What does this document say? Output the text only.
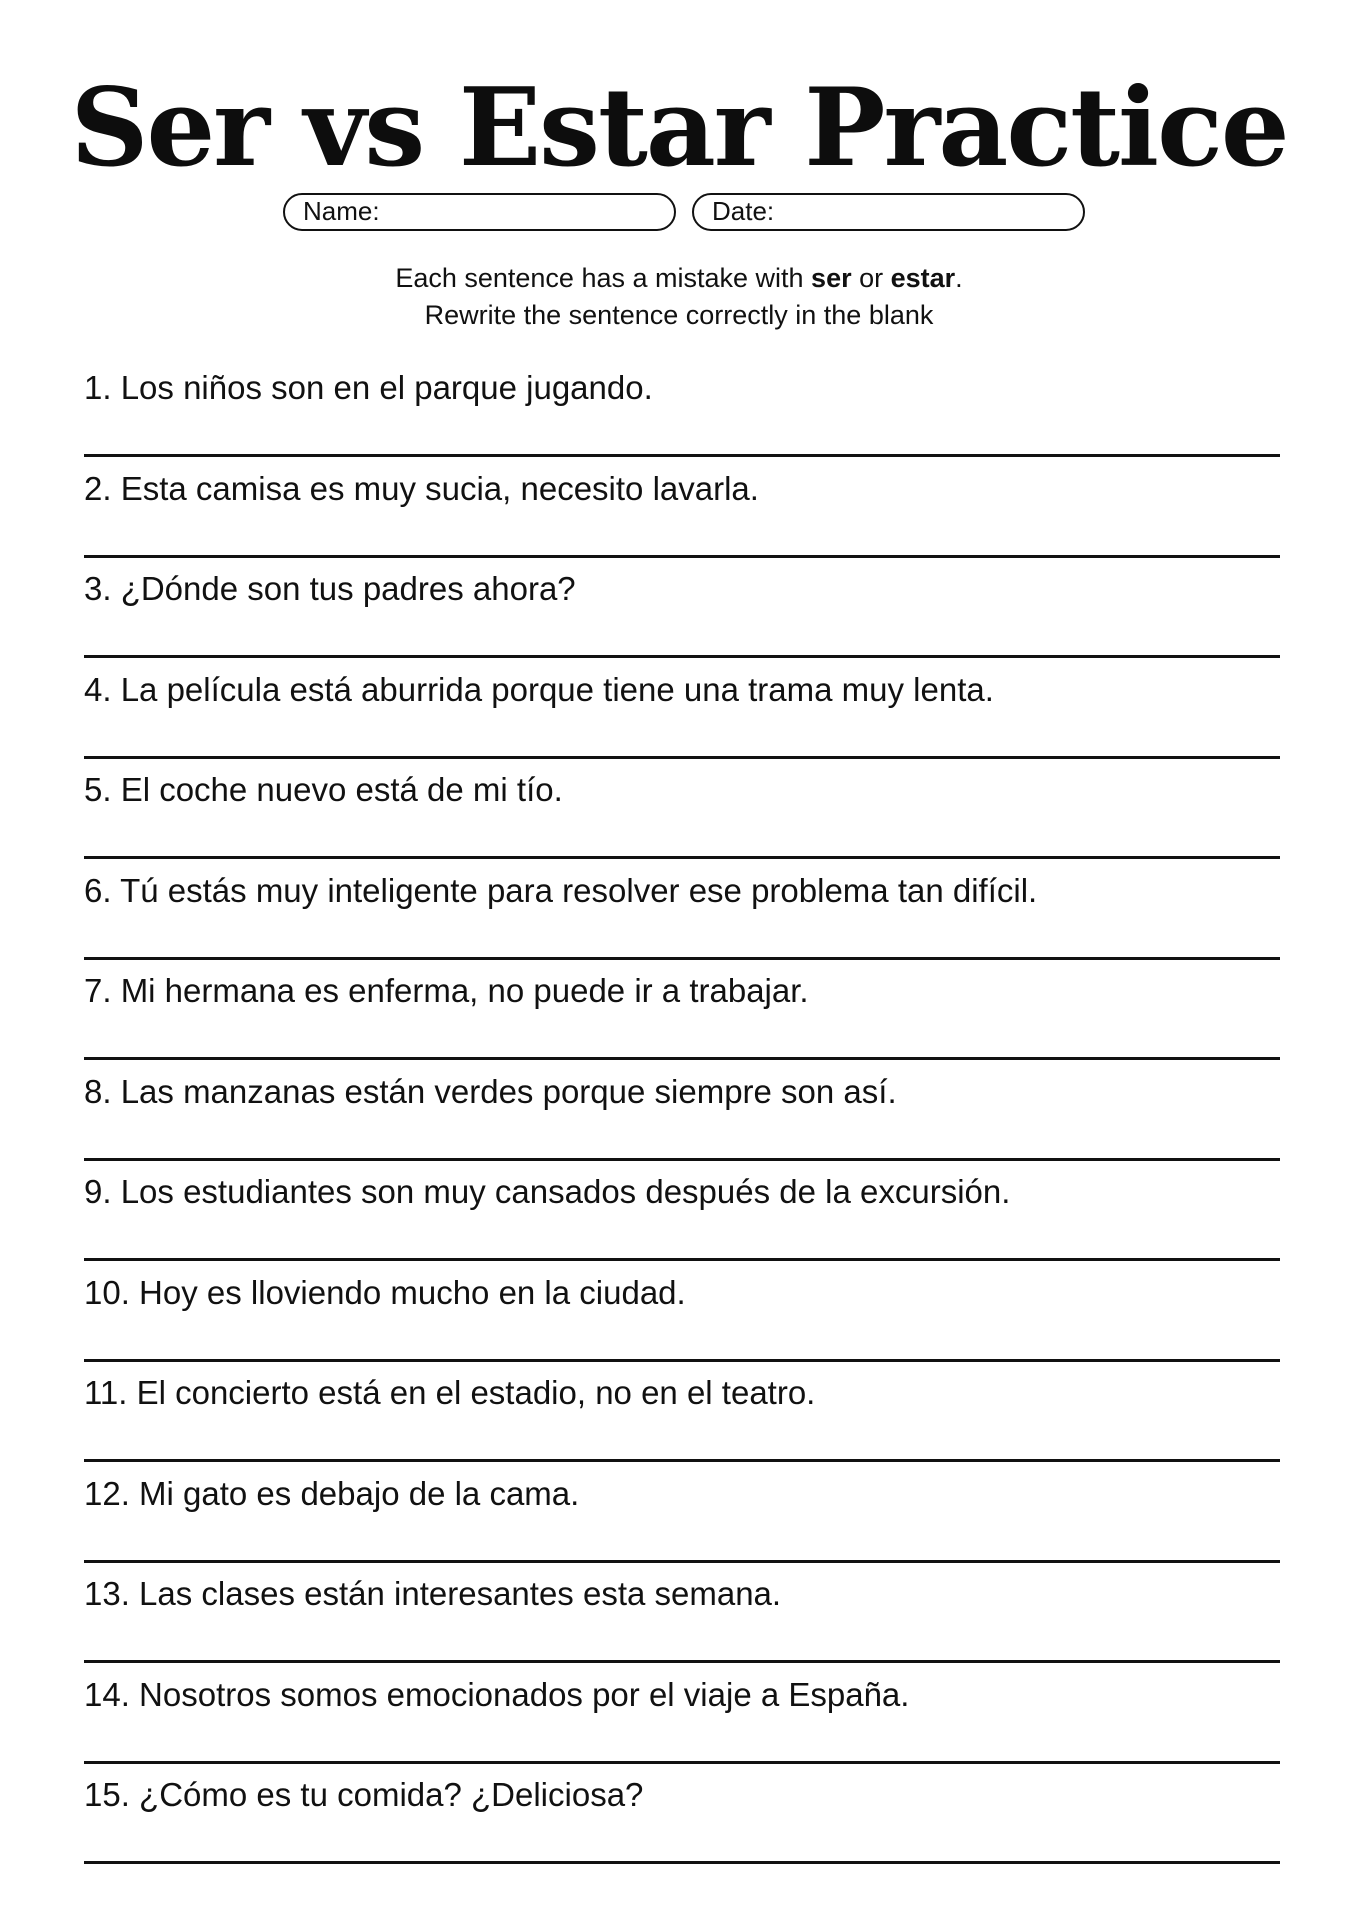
Ser vs Estar Practice
Name:	Date:
Each sentence has a mistake with ser or estar.
Rewrite the sentence correctly in the blank
1. Los niños son en el parque jugando.
2. Esta camisa es muy sucia, necesito lavarla.
3. ¿Dónde son tus padres ahora?
4. La película está aburrida porque tiene una trama muy lenta.
5. El coche nuevo está de mi tío.
6. Tú estás muy inteligente para resolver ese problema tan difícil.
7. Mi hermana es enferma, no puede ir a trabajar.
8. Las manzanas están verdes porque siempre son así.
9. Los estudiantes son muy cansados después de la excursión.
10. Hoy es lloviendo mucho en la ciudad.
11. El concierto está en el estadio, no en el teatro.
12. Mi gato es debajo de la cama.
13. Las clases están interesantes esta semana.
14. Nosotros somos emocionados por el viaje a España.
15. ¿Cómo es tu comida? ¿Deliciosa?
